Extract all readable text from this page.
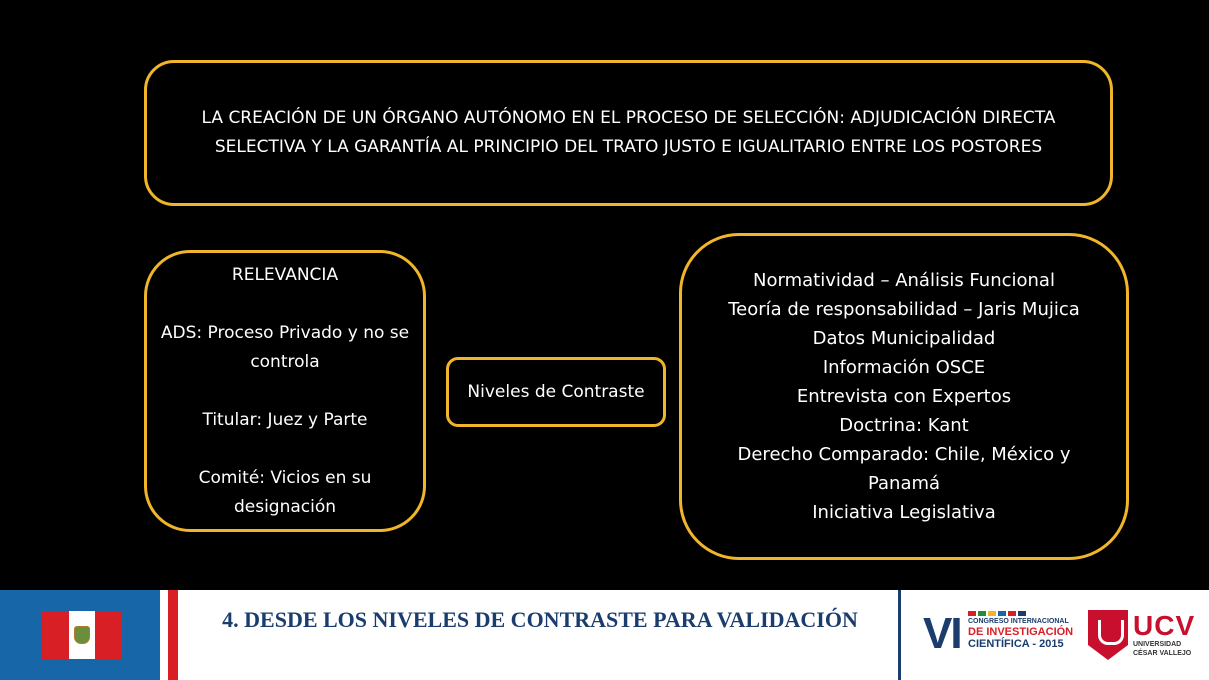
LA CREACIÓN DE UN ÓRGANO AUTÓNOMO EN EL PROCESO DE SELECCIÓN: ADJUDICACIÓN DIRECTA SELECTIVA Y LA GARANTÍA AL PRINCIPIO DEL TRATO JUSTO E IGUALITARIO ENTRE LOS POSTORES

RELEVANCIA

ADS: Proceso Privado y no se controla

Titular: Juez y Parte

Comité: Vicios en su designación

Niveles de Contraste

Normatividad – Análisis Funcional

Teoría de responsabilidad – Jaris Mujica

Datos Municipalidad

Información OSCE

Entrevista con Expertos

Doctrina: Kant

Derecho Comparado: Chile, México y Panamá

Iniciativa Legislativa

4. DESDE LOS NIVELES DE CONTRASTE PARA VALIDACIÓN	VI CONGRESO INTERNACIONAL
DE INVESTIGACIÓN
CIENTÍFICA - 2015
UCV
UNIVERSIDAD
CÉSAR VALLEJO
